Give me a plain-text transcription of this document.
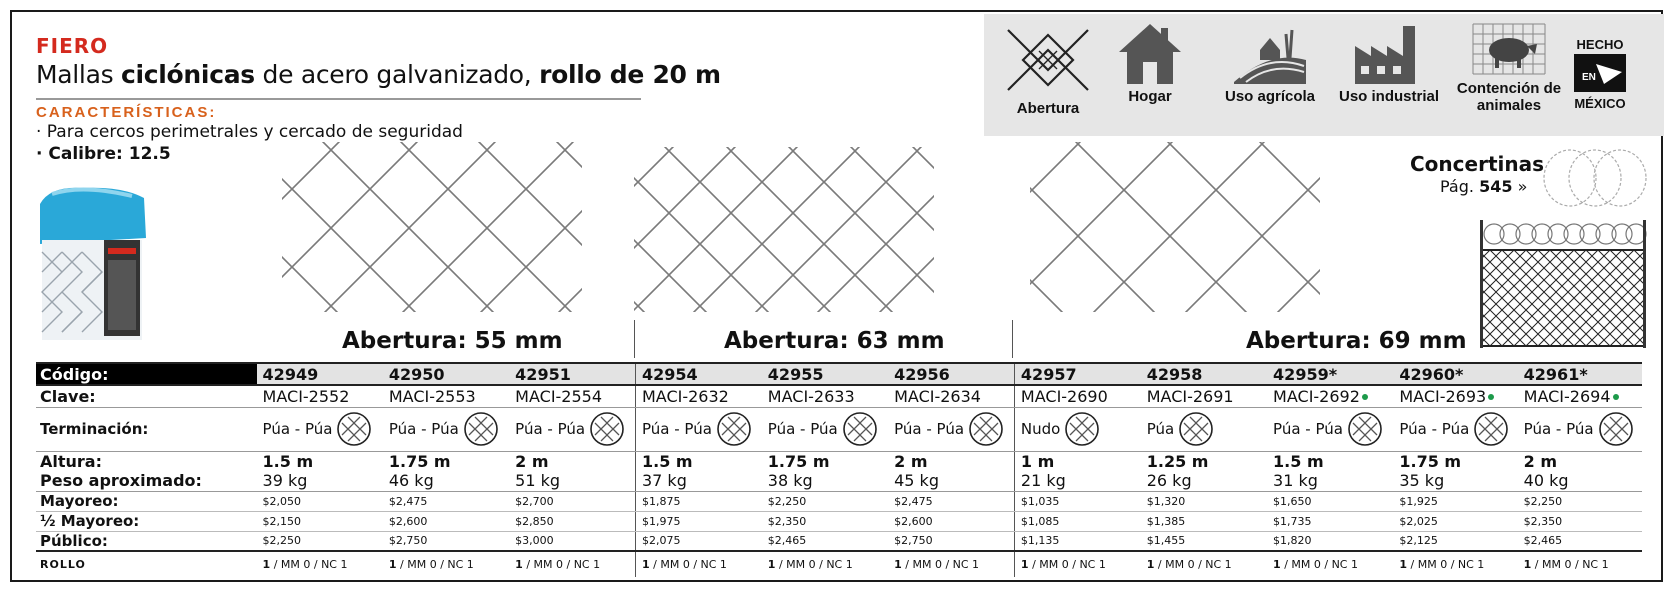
FIERO
Mallas ciclónicas de acero galvanizado, rollo de 20 m
CARACTERÍSTICAS:
· Para cercos perimetrales y cercado de seguridad
· Calibre: 12.5
Abertura
Hogar	Uso agrícola	Uso industrial	Contención de animales
HECHO
EN
MÉXICO
Concertinas
Pág. 545 »
Abertura: 55 mm	Abertura: 63 mm	Abertura: 69 mm
Código:	42949	42950	42951	42954	42955	42956	42957	42958	42959*	42960*	42961*
Clave:	MACI-2552	MACI-2553	MACI-2554	MACI-2632	MACI-2633	MACI-2634	MACI-2690	MACI-2691	MACI-2692	MACI-2693	MACI-2694
Terminación:	Púa - Púa	Púa - Púa	Púa - Púa	Púa - Púa	Púa - Púa	Púa - Púa	Nudo	Púa	Púa - Púa	Púa - Púa	Púa - Púa

Altura:	1.5 m	1.75 m	2 m	1.5 m	1.75 m	2 m	1 m	1.25 m	1.5 m	1.75 m	2 m
Peso aproximado:	39 kg	46 kg	51 kg	37 kg	38 kg	45 kg	21 kg	26 kg	31 kg	35 kg	40 kg
Mayoreo:	$2,050	$2,475	$2,700	$1,875	$2,250	$2,475	$1,035	$1,320	$1,650	$1,925	$2,250
½ Mayoreo:	$2,150	$2,600	$2,850	$1,975	$2,350	$2,600	$1,085	$1,385	$1,735	$2,025	$2,350
Público:	$2,250	$2,750	$3,000	$2,075	$2,465	$2,750	$1,135	$1,455	$1,820	$2,125	$2,465
ROLLO	1 / MM 0 / NC 1	1 / MM 0 / NC 1	1 / MM 0 / NC 1	1 / MM 0 / NC 1	1 / MM 0 / NC 1	1 / MM 0 / NC 1	1 / MM 0 / NC 1	1 / MM 0 / NC 1	1 / MM 0 / NC 1	1 / MM 0 / NC 1	1 / MM 0 / NC 1
